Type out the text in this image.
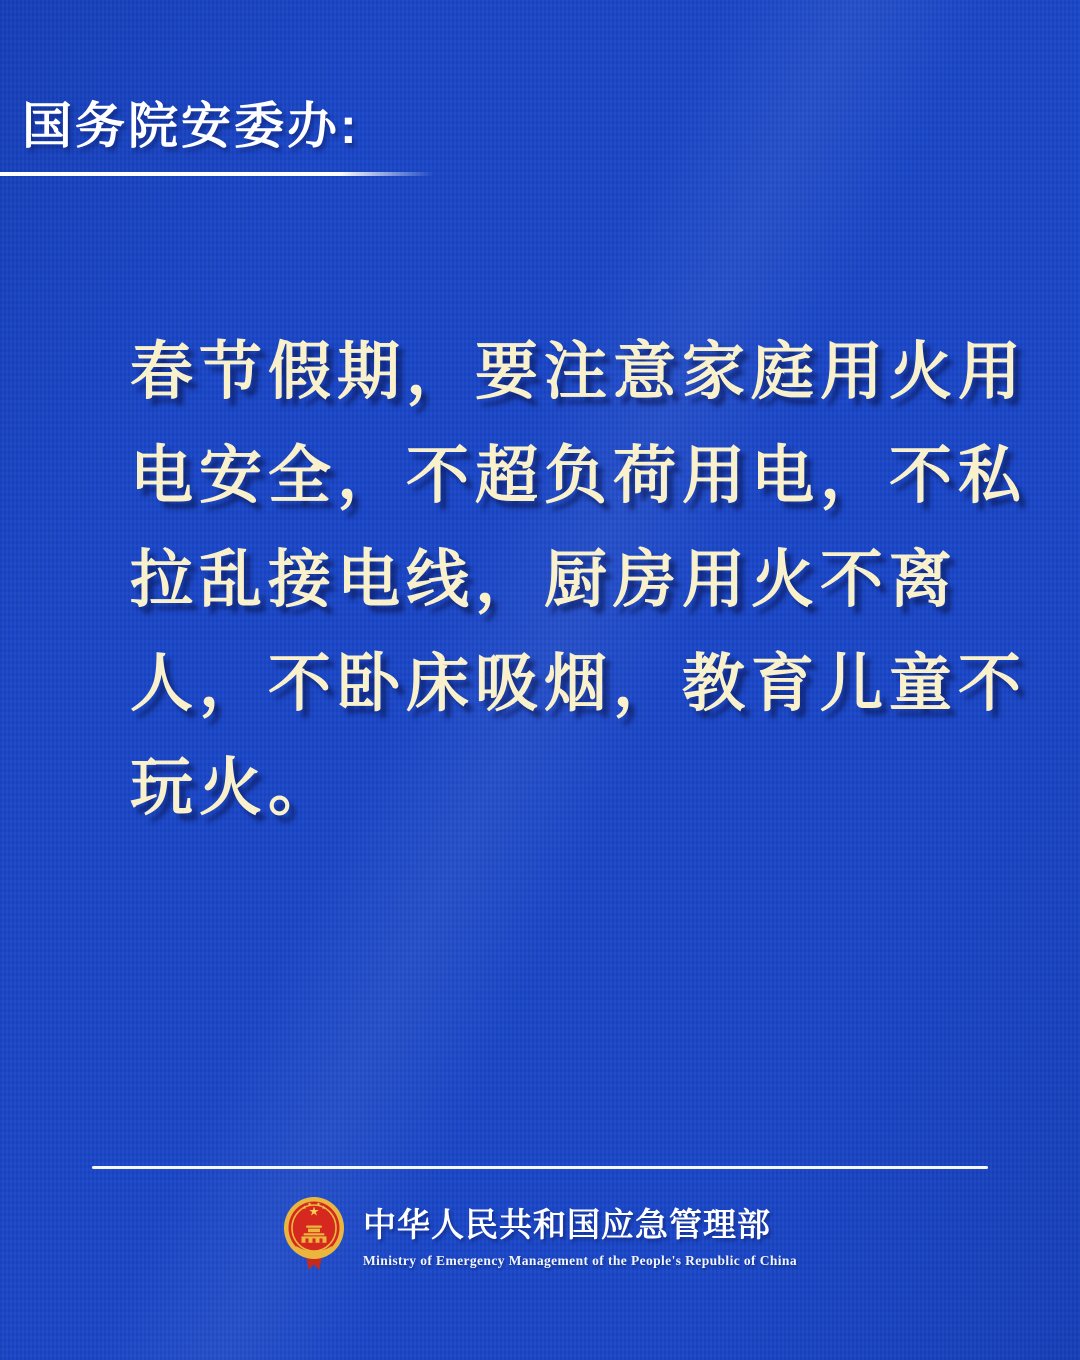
国务院安委办:
春节假期，要注意家庭用火用
电安全，不超负荷用电，不私
拉乱接电线，厨房用火不离
人，不卧床吸烟，教育儿童不
玩火。
中华人民共和国应急管理部
Ministry of Emergency Management of the People's Republic of China
